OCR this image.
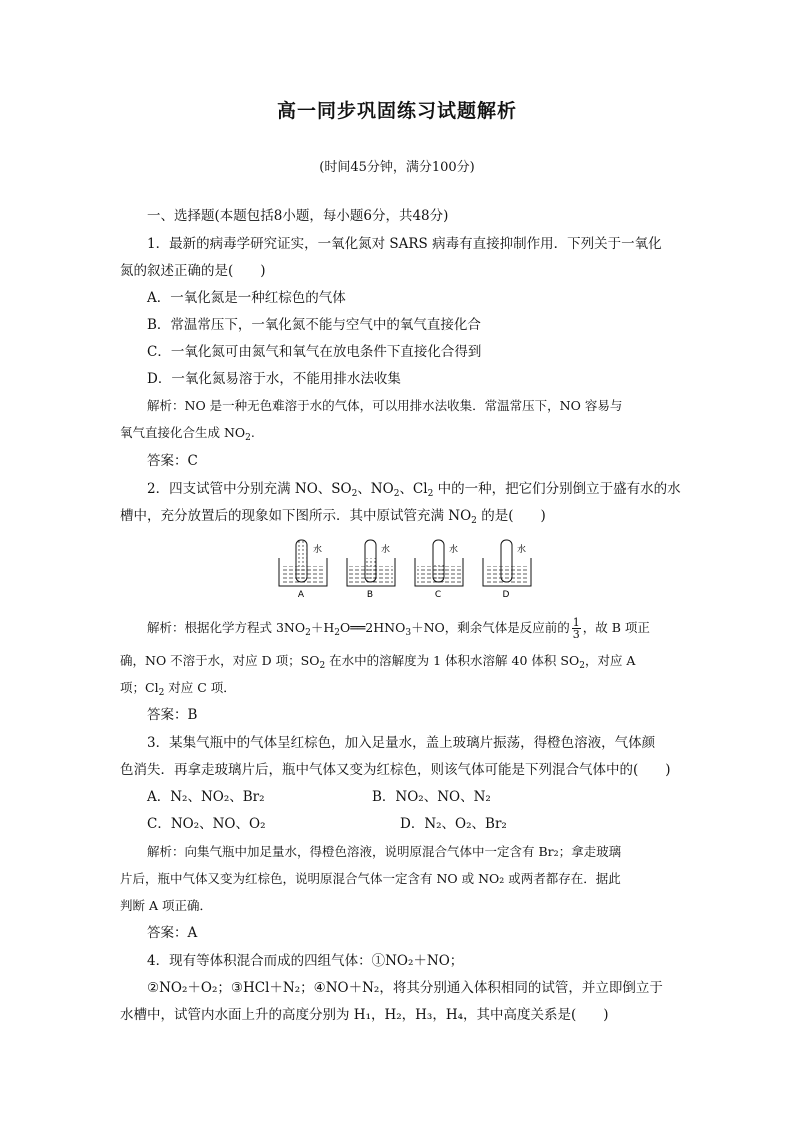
高一同步巩固练习试题解析
(时间45分钟，满分100分)
一、选择题(本题包括8小题，每小题6分，共48分)
1．最新的病毒学研究证实，一氧化氮对 SARS 病毒有直接抑制作用．下列关于一氧化
氮的叙述正确的是(　　)
A．一氧化氮是一种红棕色的气体
B．常温常压下，一氧化氮不能与空气中的氧气直接化合
C．一氧化氮可由氮气和氧气在放电条件下直接化合得到
D．一氧化氮易溶于水，不能用排水法收集
解析：NO 是一种无色难溶于水的气体，可以用排水法收集．常温常压下，NO 容易与
氧气直接化合生成 $NO_2$.
答案：C
2．四支试管中分别充满 NO、$SO_2$、$NO_2$、$Cl_2$ 中的一种，把它们分别倒立于盛有水的水
槽中，充分放置后的现象如下图所示．其中原试管充满 $NO_2$ 的是(　　)
水
A
水
B
水
C
水
D
解析：根据化学方程式 $3NO_2+H_2O══2HNO_3+NO$，剩余气体是反应前的 $\frac{1}{3}$ ，故 B 项正
确，NO 不溶于水，对应 D 项；$SO_2$ 在水中的溶解度为 1 体积水溶解 40 体积 $SO_2$，对应 A
项；$Cl_2$ 对应 C 项．
答案：B
3．某集气瓶中的气体呈红棕色，加入足量水，盖上玻璃片振荡，得橙色溶液，气体颜
色消失．再拿走玻璃片后，瓶中气体又变为红棕色，则该气体可能是下列混合气体中的(　　)
A．N₂、NO₂、Br₂	B．NO₂、NO、N₂
C．NO₂、NO、O₂	D．N₂、O₂、Br₂
解析：向集气瓶中加足量水，得橙色溶液，说明原混合气体中一定含有 Br₂；拿走玻璃
片后，瓶中气体又变为红棕色，说明原混合气体一定含有 NO 或 NO₂ 或两者都存在．据此
判断 A 项正确．
答案：A
4．现有等体积混合而成的四组气体：①NO₂＋NO；
②NO₂＋O₂；③HCl＋N₂；④NO＋N₂，将其分别通入体积相同的试管，并立即倒立于
水槽中，试管内水面上升的高度分别为 H₁，H₂，H₃，H₄，其中高度关系是(　　)
